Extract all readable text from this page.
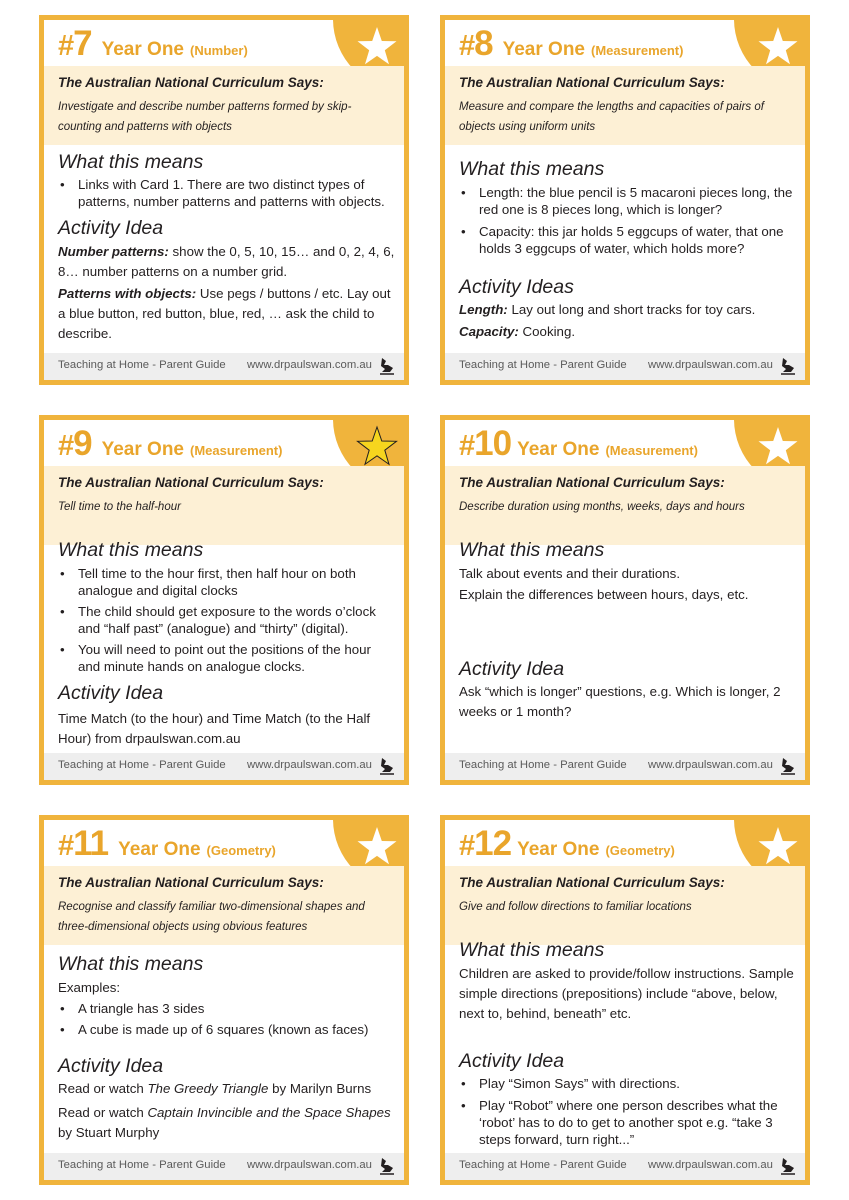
#7 Year One (Number)
The Australian National Curriculum Says:
Investigate and describe number patterns formed by skip-counting and patterns with objects
What this means
• Links with Card 1. There are two distinct types of patterns, number patterns and patterns with objects.
Activity Idea

Number patterns: show the 0, 5, 10, 15… and 0, 2, 4, 6, 8… number patterns on a number grid.

Patterns with objects: Use pegs / buttons / etc. Lay out a blue button, red button, blue, red, … ask the child to describe.

Teaching at Home - Parent Guide www.drpaulswan.com.au
#8 Year One (Measurement)
The Australian National Curriculum Says:
Measure and compare the lengths and capacities of pairs of objects using uniform units
What this means
• Length: the blue pencil is 5 macaroni pieces long, the red one is 8 pieces long, which is longer?
• Capacity: this jar holds 5 eggcups of water, that one holds 3 eggcups of water, which holds more?
Activity Ideas

Length: Lay out long and short tracks for toy cars.

Capacity: Cooking.

Teaching at Home - Parent Guide www.drpaulswan.com.au
#9 Year One (Measurement)
The Australian National Curriculum Says:
Tell time to the half-hour
What this means
• Tell time to the hour first, then half hour on both analogue and digital clocks
• The child should get exposure to the words o’clock and “half past” (analogue) and “thirty” (digital).
• You will need to point out the positions of the hour and minute hands on analogue clocks.
Activity Idea

Time Match (to the hour) and Time Match (to the Half Hour) from drpaulswan.com.au

Teaching at Home - Parent Guide www.drpaulswan.com.au
#10 Year One (Measurement)
The Australian National Curriculum Says:
Describe duration using months, weeks, days and hours
What this means

Talk about events and their durations.

Explain the differences between hours, days, etc.

Activity Idea

Ask “which is longer” questions, e.g. Which is longer, 2 weeks or 1 month?

Teaching at Home - Parent Guide www.drpaulswan.com.au
#11 Year One (Geometry)
The Australian National Curriculum Says:
Recognise and classify familiar two-dimensional shapes and three-dimensional objects using obvious features
What this means

Examples:

• A triangle has 3 sides
• A cube is made up of 6 squares (known as faces)
Activity Idea

Read or watch The Greedy Triangle by Marilyn Burns

Read or watch Captain Invincible and the Space Shapes by Stuart Murphy

Teaching at Home - Parent Guide www.drpaulswan.com.au
#12 Year One (Geometry)
The Australian National Curriculum Says:
Give and follow directions to familiar locations
What this means

Children are asked to provide/follow instructions. Sample simple directions (prepositions) include “above, below, next to, behind, beneath” etc.

Activity Idea
• Play “Simon Says” with directions.
• Play “Robot” where one person describes what the ‘robot’ has to do to get to another spot e.g. “take 3 steps forward, turn right...”
Teaching at Home - Parent Guide www.drpaulswan.com.au
